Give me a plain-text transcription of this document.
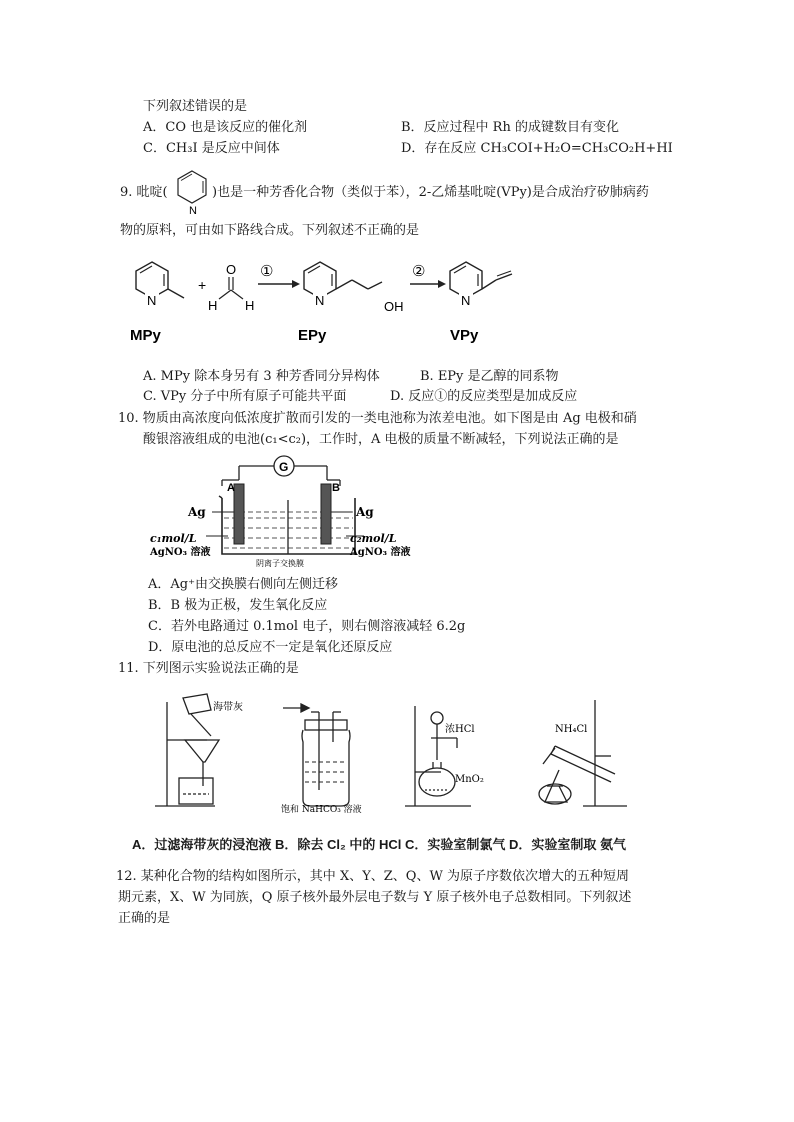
下列叙述错误的是
A．CO 也是该反应的催化剂	B．反应过程中 Rh 的成键数目有变化
C．CH₃I 是反应中间体	D．存在反应 CH₃COI+H₂O=CH₃CO₂H+HI
9. 吡啶(
N
)也是一种芳香化合物（类似于苯），2-乙烯基吡啶(VPy)是合成治疗矽肺病药
物的原料，可由如下路线合成。下列叙述不正确的是
N
+
O
H H
①
N	OH
②
N
MPy	EPy	VPy
A. MPy 除本身另有 3 种芳香同分异构体	B. EPy 是乙醇的同系物
C. VPy 分子中所有原子可能共平面	D. 反应①的反应类型是加成反应
10. 物质由高浓度向低浓度扩散而引发的一类电池称为浓差电池。如下图是由 Ag 电极和硝
酸银溶液组成的电池(c₁<c₂)，工作时，A 电极的质量不断减轻，下列说法正确的是
G
A	B
Ag	Ag
c₁mol/L	c₂mol/L
AgNO₃ 溶液	AgNO₃ 溶液
阴离子交换膜
A．Ag⁺由交换膜右侧向左侧迁移
B．B 极为正极，发生氧化反应
C．若外电路通过 0.1mol 电子，则右侧溶液减轻 6.2g
D．原电池的总反应不一定是氧化还原反应
11. 下列图示实验说法正确的是
海带灰
饱和 NaHCO₃ 溶液
浓HCl
MnO₂
NH₄Cl
A．过滤海带灰的浸泡液 B．除去 Cl₂ 中的 HCl C．实验室制氯气 D．实验室制取 氨气
12. 某种化合物的结构如图所示，其中 X、Y、Z、Q、W 为原子序数依次增大的五种短周
期元素，X、W 为同族，Q 原子核外最外层电子数与 Y 原子核外电子总数相同。下列叙述
正确的是
